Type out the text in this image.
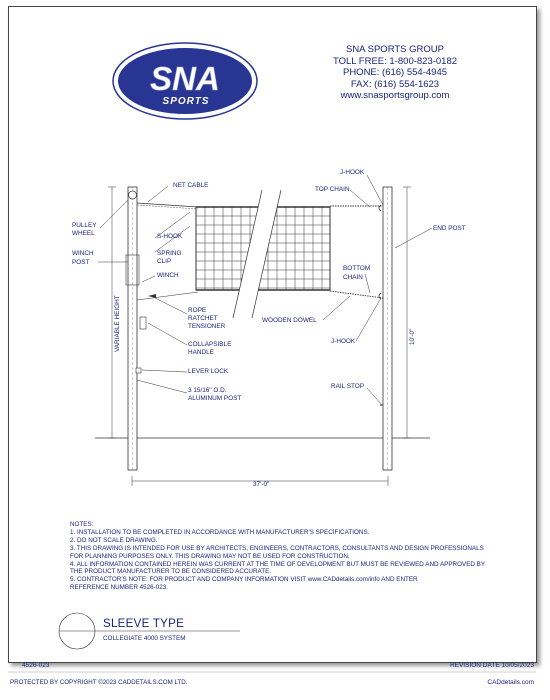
SNA
SPORTS
NET CABLE
PULLEY
WHEEL
WINCH
POST
S-HOOK
SPRING
CLIP
WINCH
VARIABLE HEIGHT	ROPE
RATCHET
TENSIONER
COLLAPSIBLE
HANDLE
LEVER LOCK
3 15/16" O.D.
ALUMINUM POST
J-HOOK
TOP CHAIN
END POST
BOTTOM
CHAIN
WOODEN DOWEL
J-HOOK	10'-0"
RAIL STOP
37'-0"
SNA SPORTS GROUP
TOLL FREE: 1-800-823-0182
PHONE: (616) 554-4945
FAX: (616) 554-1623
www.snasportsgroup.com
NOTES:
1. INSTALLATION TO BE COMPLETED IN ACCORDANCE WITH MANUFACTURER'S SPECIFICATIONS.
2. DO NOT SCALE DRAWING.
3. THIS DRAWING IS INTENDED FOR USE BY ARCHITECTS, ENGINEERS, CONTRACTORS, CONSULTANTS AND DESIGN PROFESSIONALS
FOR PLANNING PURPOSES ONLY. THIS DRAWING MAY NOT BE USED FOR CONSTRUCTION.
4. ALL INFORMATION CONTAINED HEREIN WAS CURRENT AT THE TIME OF DEVELOPMENT BUT MUST BE REVIEWED AND APPROVED BY
THE PRODUCT MANUFACTURER TO BE CONSIDERED ACCURATE.
5. CONTRACTOR'S NOTE: FOR PRODUCT AND COMPANY INFORMATION VISIT www.CADdetails.com/info AND ENTER
REFERENCE NUMBER 4526-023.
SLEEVE TYPE
COLLEGIATE 4000 SYSTEM
4526-023	REVISION DATE 10/05/2023
PROTECTED BY COPYRIGHT ©2023 CADDETAILS.COM LTD.	CADdetails.com
